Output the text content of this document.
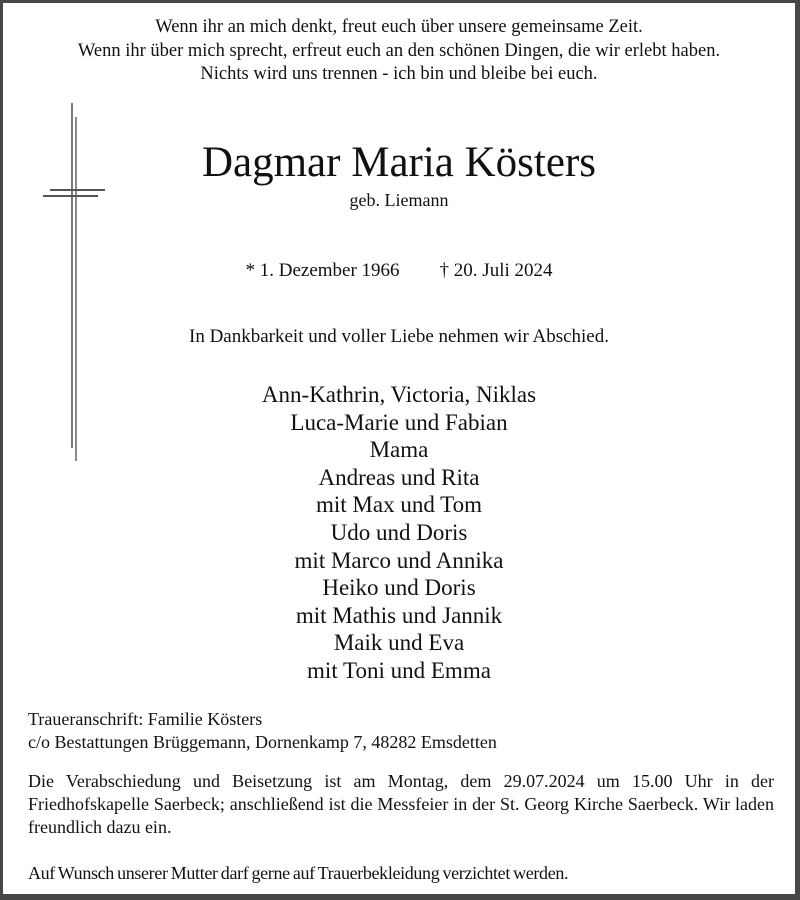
Wenn ihr an mich denkt, freut euch über unsere gemeinsame Zeit.
Wenn ihr über mich sprecht, erfreut euch an den schönen Dingen, die wir erlebt haben.
Nichts wird uns trennen - ich bin und bleibe bei euch.
Dagmar Maria Kösters
geb. Liemann
* 1. Dezember 1966 † 20. Juli 2024
In Dankbarkeit und voller Liebe nehmen wir Abschied.
Ann-Kathrin, Victoria, Niklas
Luca-Marie und Fabian
Mama
Andreas und Rita
mit Max und Tom
Udo und Doris
mit Marco und Annika
Heiko und Doris
mit Mathis und Jannik
Maik und Eva
mit Toni und Emma
Traueranschrift: Familie Kösters
c/o Bestattungen Brüggemann, Dornenkamp 7, 48282 Emsdetten
Die Verabschiedung und Beisetzung ist am Montag, dem 29.07.2024 um 15.00 Uhr in der Friedhofskapelle Saerbeck; anschließend ist die Messfeier in der St. Georg Kirche Saerbeck. Wir laden freundlich dazu ein.
Auf Wunsch unserer Mutter darf gerne auf Trauerbekleidung verzichtet werden.
